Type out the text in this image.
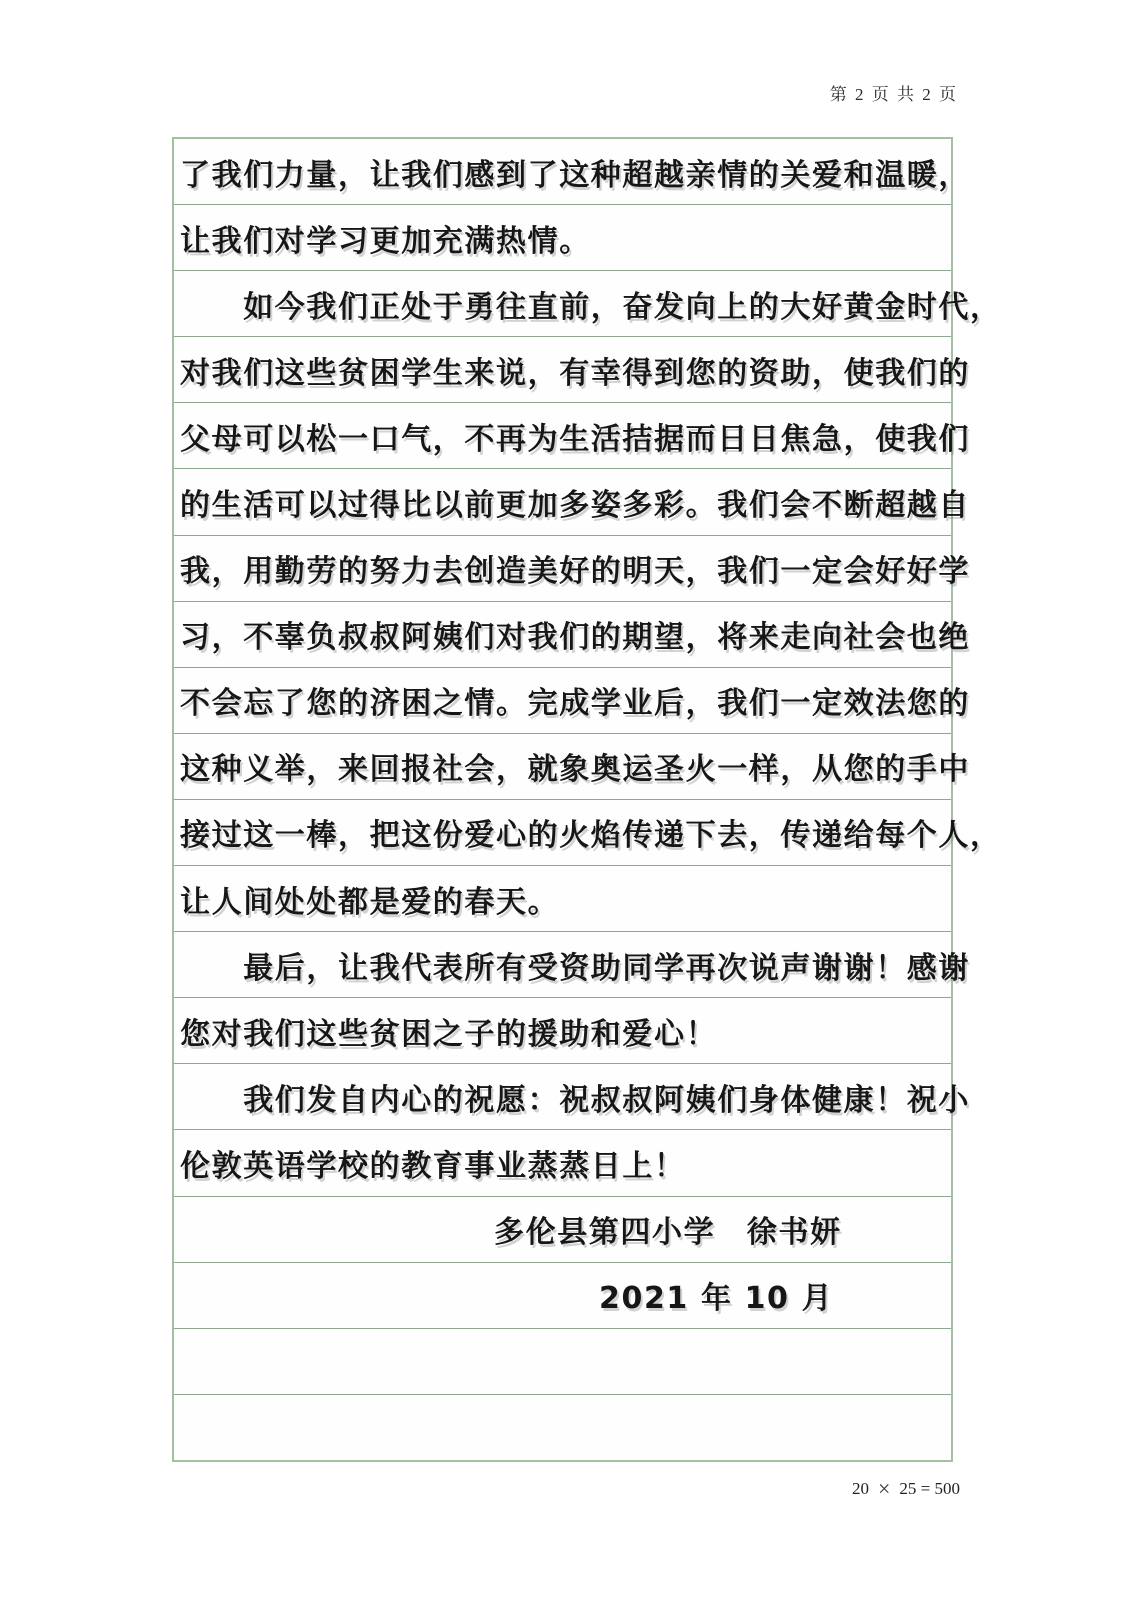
第 2 页 共 2 页
了我们力量，让我们感到了这种超越亲情的关爱和温暖，
让我们对学习更加充满热情。
　　如今我们正处于勇往直前，奋发向上的大好黄金时代，
对我们这些贫困学生来说，有幸得到您的资助，使我们的
父母可以松一口气，不再为生活拮据而日日焦急，使我们
的生活可以过得比以前更加多姿多彩。我们会不断超越自
我，用勤劳的努力去创造美好的明天，我们一定会好好学
习，不辜负叔叔阿姨们对我们的期望，将来走向社会也绝
不会忘了您的济困之情。完成学业后，我们一定效法您的
这种义举，来回报社会，就象奥运圣火一样，从您的手中
接过这一棒，把这份爱心的火焰传递下去，传递给每个人，
让人间处处都是爱的春天。
　　最后，让我代表所有受资助同学再次说声谢谢！感谢
您对我们这些贫困之子的援助和爱心！
　　我们发自内心的祝愿：祝叔叔阿姨们身体健康！祝小
伦敦英语学校的教育事业蒸蒸日上！
多伦县第四小学　徐书妍
2021 年 10 月
20 × 25 = 500
